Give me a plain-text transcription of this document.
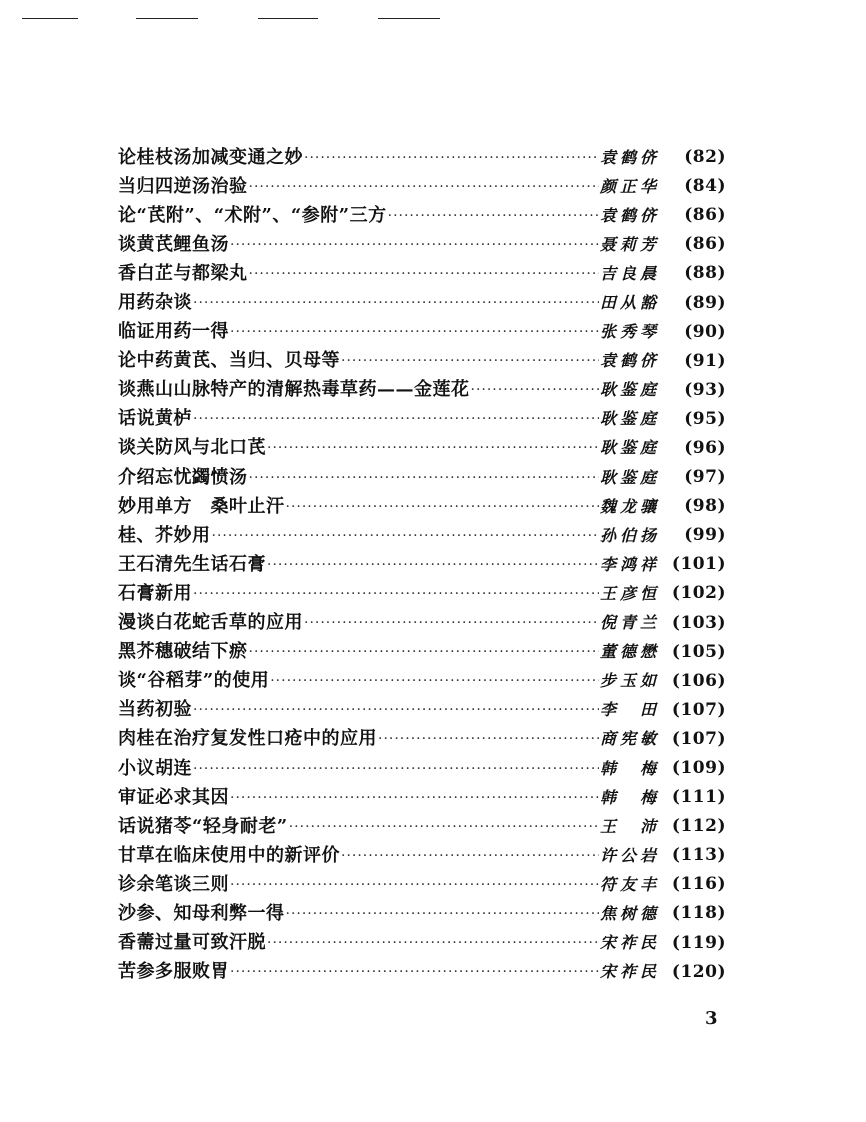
论桂枝汤加减变通之妙 ·····	袁鹤侪	(82)
当归四逆汤治验 ·····	颜正华	(84)
论“芪附”、“术附”、“参附”三方 ·····	袁鹤侪	(86)
谈黄芪鲤鱼汤 ·····	聂莉芳	(86)
香白芷与都梁丸 ·····	吉良晨	(88)
用药杂谈 ·····	田从豁	(89)
临证用药一得 ·····	张秀琴	(90)
论中药黄芪、当归、贝母等 ·····	袁鹤侪	(91)
谈燕山山脉特产的清解热毒草药——金莲花 ·····	耿鉴庭	(93)
话说黄栌 ·····	耿鉴庭	(95)
谈关防风与北口芪 ·····	耿鉴庭	(96)
介绍忘忧蠲愤汤 ·····	耿鉴庭	(97)
妙用单方　桑叶止汗 ·····	魏龙骧	(98)
桂、芥妙用 ·····	孙伯扬	(99)
王石清先生话石膏 ·····	李鸿祥 (101)
石膏新用 ·····	王彦恒 (102)
漫谈白花蛇舌草的应用 ·····	倪青兰 (103)
黑芥穗破结下瘀 ·····	董德懋 (105)
谈“谷稻芽”的使用 ·····	步玉如 (106)
当药初验 ·····	李　田 (107)
肉桂在治疗复发性口疮中的应用 ·····	商宪敏 (107)
小议胡连 ·····	韩　梅 (109)
审证必求其因 ·····	韩　梅 (111)
话说猪苓“轻身耐老” ·····	王　沛 (112)
甘草在临床使用中的新评价 ·····	许公岩 (113)
诊余笔谈三则 ·····	符友丰 (116)
沙参、知母利弊一得 ·····	焦树德 (118)
香薷过量可致汗脱 ·····	宋祚民 (119)
苦参多服败胃 ·····	宋祚民 (120)
3
